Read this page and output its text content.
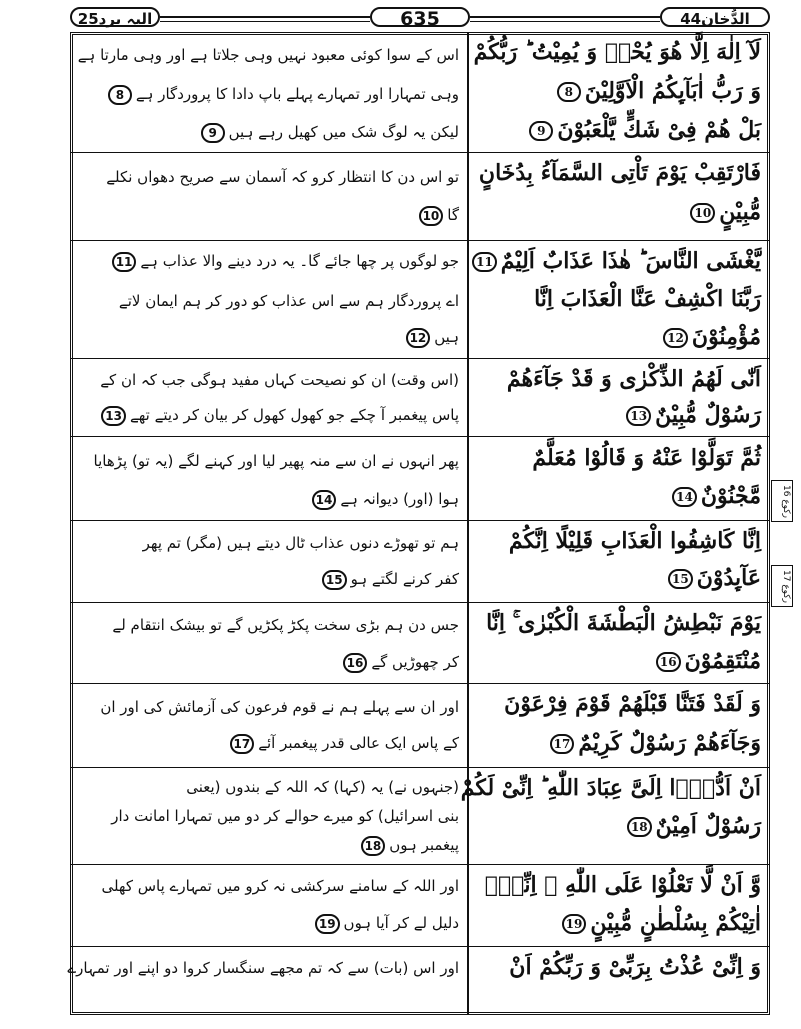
الیہ یرد25	635	الدُّخان44
رکوع 16
رکوع 17
لَآ اِلٰهَ اِلَّا هُوَ يُحْيٖ وَ يُمِيْتُ ؕ رَبُّكُمْ
وَ رَبُّ اٰبَآىِٕكُمُ الْاَوَّلِيْنَ8
اس کے سوا کوئی معبود نہیں وہی جلاتا ہے اور وہی مارتا ہے
وہی تمہارا اور تمہارے پہلے باپ دادا کا پروردگار ہے8
بَلْ هُمْ فِیْ شَكٍّ یَّلْعَبُوْنَ9
لیکن یہ لوگ شک میں کھیل رہے ہیں9
فَارْتَقِبْ يَوْمَ تَاْتِی السَّمَآءُ بِدُخَانٍ
مُّبِيْنٍ10
تو اس دن کا انتظار کرو کہ آسمان سے صریح دھواں نکلے
گا10
يَّغْشَى النَّاسَ ؕ هٰذَا عَذَابٌ اَلِيْمٌ11
جو لوگوں پر چھا جائے گا۔ یہ درد دینے والا عذاب ہے11
رَبَّنَا اكْشِفْ عَنَّا الْعَذَابَ اِنَّا
مُؤْمِنُوْنَ12
اے پروردگار ہم سے اس عذاب کو دور کر ہم ایمان لاتے
ہیں12
اَنّٰى لَهُمُ الذِّكْرٰى وَ قَدْ جَآءَهُمْ
رَسُوْلٌ مُّبِيْنٌ13
(اس وقت) ان کو نصیحت کہاں مفید ہوگی جب کہ ان کے
پاس پیغمبر آ چکے جو کھول کھول کر بیان کر دیتے تھے13
ثُمَّ تَوَلَّوْا عَنْهُ وَ قَالُوْا مُعَلَّمٌ
مَّجْنُوْنٌ14
پھر انہوں نے ان سے منہ پھیر لیا اور کہنے لگے (یہ تو) پڑھایا
ہوا (اور) دیوانہ ہے14
اِنَّا كَاشِفُوا الْعَذَابِ قَلِيْلًا اِنَّكُمْ
عَآىِٕدُوْنَ15
ہم تو تھوڑے دنوں عذاب ٹال دیتے ہیں (مگر) تم پھر
کفر کرنے لگتے ہو15
يَوْمَ نَبْطِشُ الْبَطْشَةَ الْكُبْرٰى ۚ اِنَّا
مُنْتَقِمُوْنَ16
جس دن ہم بڑی سخت پکڑ پکڑیں گے تو بیشک انتقام لے
کر چھوڑیں گے16
وَ لَقَدْ فَتَنَّا قَبْلَهُمْ قَوْمَ فِرْعَوْنَ
وَجَآءَهُمْ رَسُوْلٌ كَرِيْمٌ17
اور ان سے پہلے ہم نے قوم فرعون کی آزمائش کی اور ان
کے پاس ایک عالی قدر پیغمبر آئے17
اَنْ اَدُّوْۤا اِلَیَّ عِبَادَ اللّٰهِ ؕ اِنِّیْ لَكُمْ
رَسُوْلٌ اَمِيْنٌ18
(جنہوں نے) یہ (کہا) کہ اللہ کے بندوں (یعنی
بنی اسرائیل) کو میرے حوالے کر دو میں تمہارا امانت دار
پیغمبر ہوں18
وَّ اَنْ لَّا تَعْلُوْا عَلَى اللّٰهِ ۚ اِنِّیْۤ
اٰتِیْكُمْ بِسُلْطٰنٍ مُّبِيْنٍ19
اور اللہ کے سامنے سرکشی نہ کرو میں تمہارے پاس کھلی
دلیل لے کر آیا ہوں19
وَ اِنِّیْ عُذْتُ بِرَبِّیْ وَ رَبِّكُمْ اَنْ
اور اس (بات) سے کہ تم مجھے سنگسار کروا دو اپنے اور تمہارے
